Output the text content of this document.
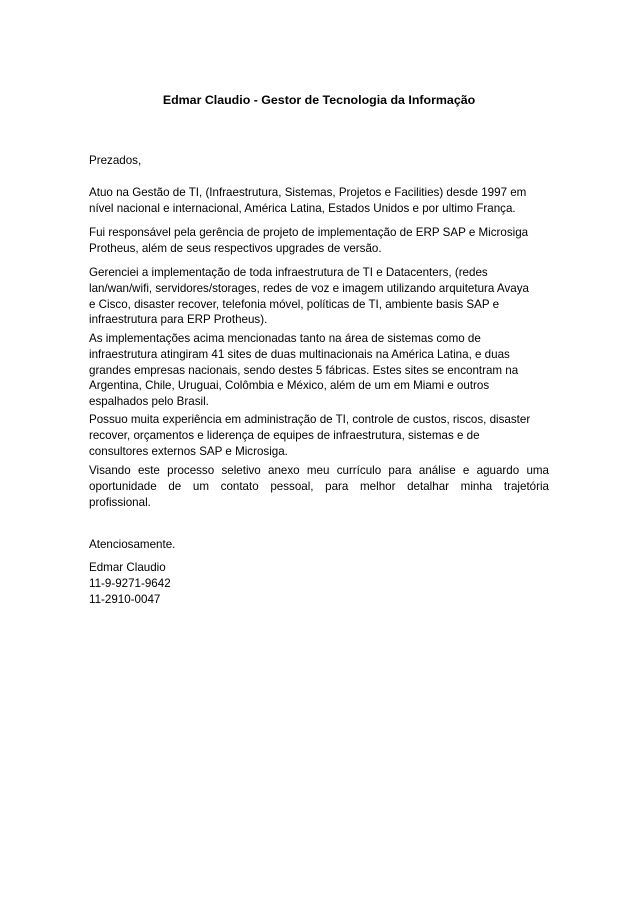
Edmar Claudio - Gestor de Tecnologia da Informação

Prezados,

Atuo na Gestão de TI, (Infraestrutura, Sistemas, Projetos e Facilities) desde 1997 em
nível nacional e internacional, América Latina, Estados Unidos e por ultimo França.

Fui responsável pela gerência de projeto de implementação de ERP SAP e Microsiga
Protheus, além de seus respectivos upgrades de versão.

Gerenciei a implementação de toda infraestrutura de TI e Datacenters, (redes
lan/wan/wifi, servidores/storages, redes de voz e imagem utilizando arquitetura Avaya
e Cisco, disaster recover, telefonia móvel, políticas de TI, ambiente basis SAP e
infraestrutura para ERP Protheus).

As implementações acima mencionadas tanto na área de sistemas como de
infraestrutura atingiram 41 sites de duas multinacionais na América Latina, e duas
grandes empresas nacionais, sendo destes 5 fábricas. Estes sites se encontram na
Argentina, Chile, Uruguai, Colômbia e México, além de um em Miami e outros
espalhados pelo Brasil.

Possuo muita experiência em administração de TI, controle de custos, riscos, disaster
recover, orçamentos e liderença de equipes de infraestrutura, sistemas e de
consultores externos SAP e Microsiga.

Visando este processo seletivo anexo meu currículo para análise e aguardo uma
oportunidade de um contato pessoal, para melhor detalhar minha trajetória
profissional.

Atenciosamente.

Edmar Claudio
11-9-9271-9642
11-2910-0047
